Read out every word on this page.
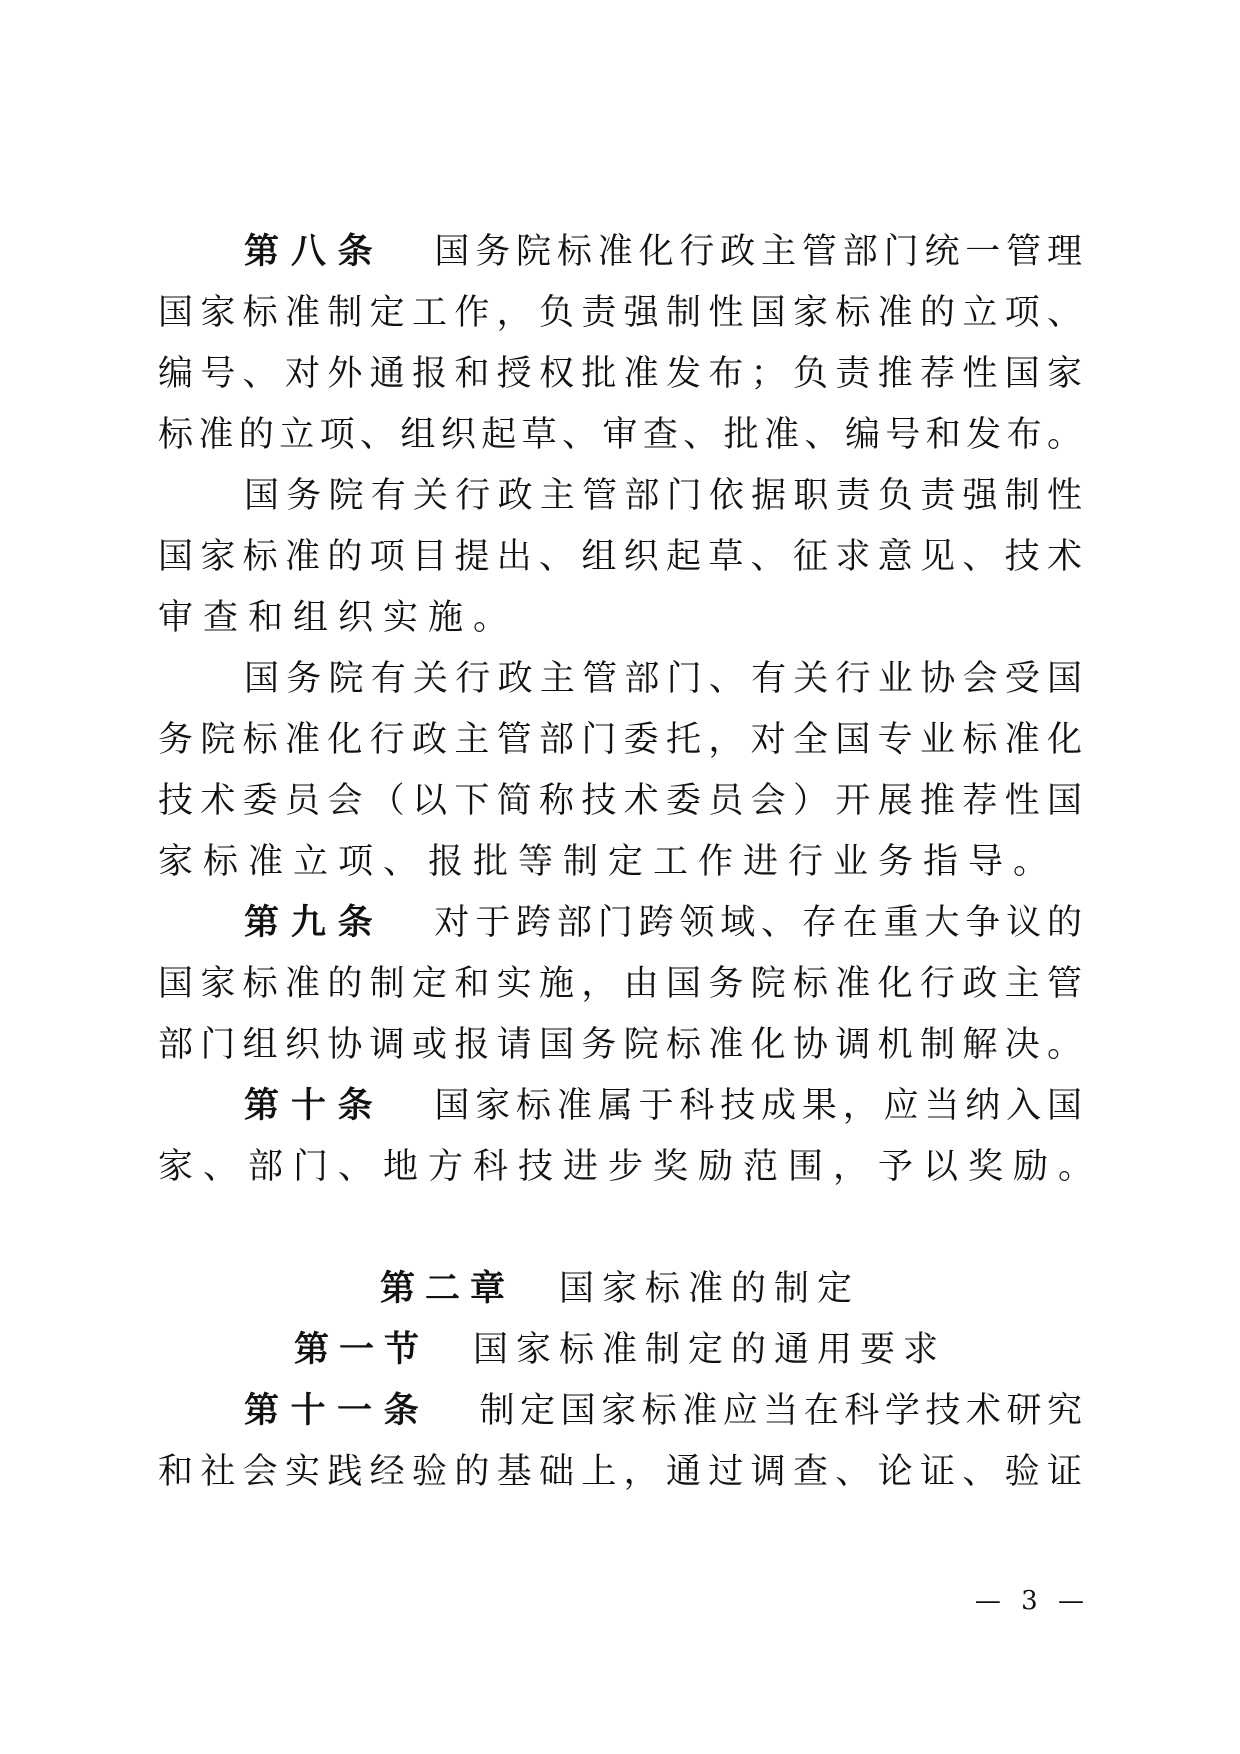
第八条 国务院标准化行政主管部门统一管理
国家标准制定工作，负责强制性国家标准的立项、
编号、对外通报和授权批准发布；负责推荐性国家
标准的立项、组织起草、审查、批准、编号和发布。
国务院有关行政主管部门依据职责负责强制性
国家标准的项目提出、组织起草、征求意见、技术
审查和组织实施。
国务院有关行政主管部门、有关行业协会受国
务院标准化行政主管部门委托，对全国专业标准化
技术委员会（以下简称技术委员会）开展推荐性国
家标准立项、报批等制定工作进行业务指导。
第九条 对于跨部门跨领域、存在重大争议的
国家标准的制定和实施，由国务院标准化行政主管
部门组织协调或报请国务院标准化协调机制解决。
第十条 国家标准属于科技成果，应当纳入国
家、部门、地方科技进步奖励范围，予以奖励。
第二章 国家标准的制定
第一节 国家标准制定的通用要求
第十一条 制定国家标准应当在科学技术研究
和社会实践经验的基础上，通过调查、论证、验证
— 3 —
